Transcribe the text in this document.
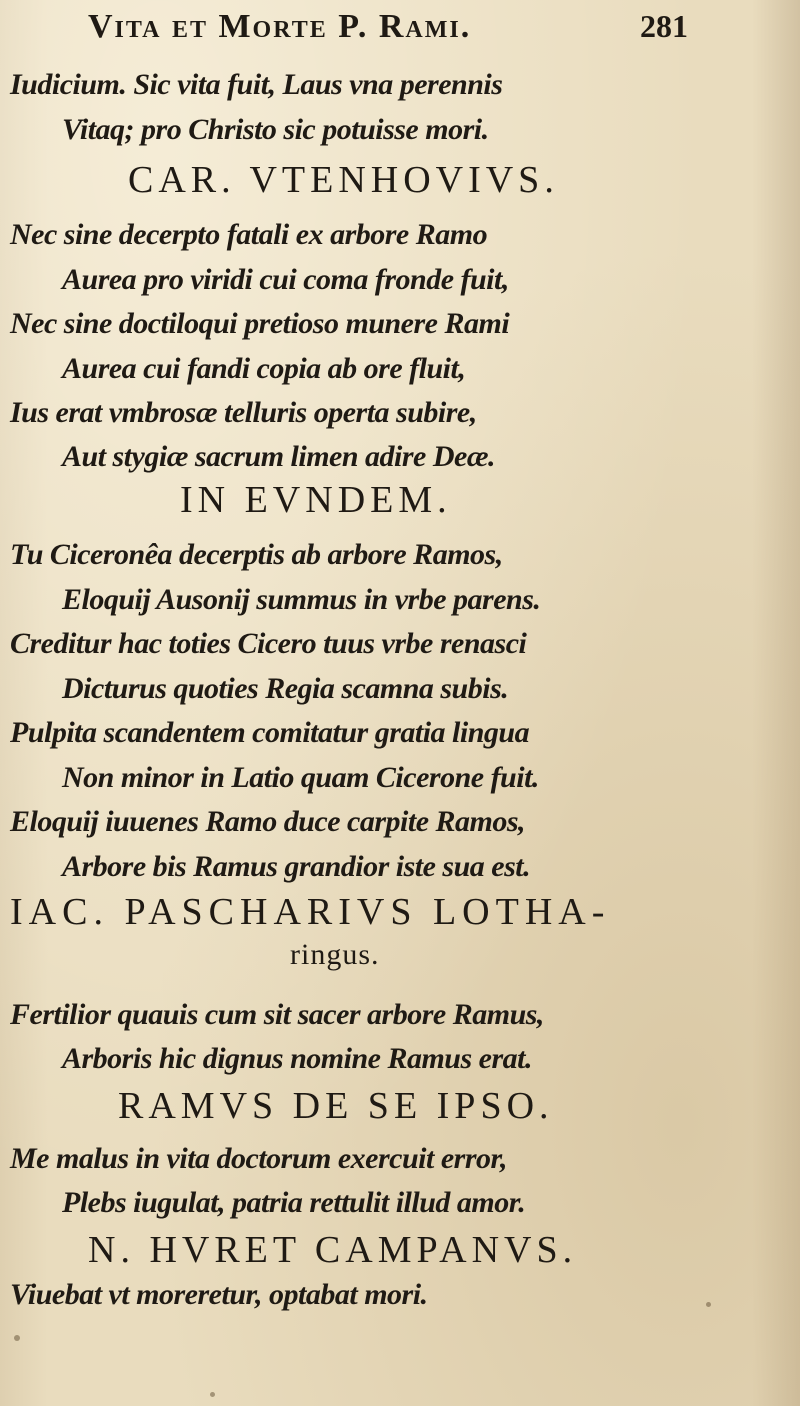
Vita et Morte P. Rami.	281
Iudicium. Sic vita fuit, Laus vna perennis
Vitaq; pro Christo sic potuisse mori.
CAR. VTENHOVIVS.
Nec sine decerpto fatali ex arbore Ramo
Aurea pro viridi cui coma fronde fuit,
Nec sine doctiloqui pretioso munere Rami
Aurea cui fandi copia ab ore fluit,
Ius erat vmbrosæ telluris operta subire,
Aut stygiæ sacrum limen adire Deæ.
IN EVNDEM.
Tu Ciceronêa decerptis ab arbore Ramos,
Eloquij Ausonij summus in vrbe parens.
Creditur hac toties Cicero tuus vrbe renasci
Dicturus quoties Regia scamna subis.
Pulpita scandentem comitatur gratia lingua
Non minor in Latio quam Cicerone fuit.
Eloquij iuuenes Ramo duce carpite Ramos,
Arbore bis Ramus grandior iste sua est.
IAC. PASCHARIVS LOTHA-
ringus.
Fertilior quauis cum sit sacer arbore Ramus,
Arboris hic dignus nomine Ramus erat.
RAMVS DE SE IPSO.
Me malus in vita doctorum exercuit error,
Plebs iugulat, patria rettulit illud amor.
N. HVRET CAMPANVS.
Viuebat vt moreretur, optabat mori.
